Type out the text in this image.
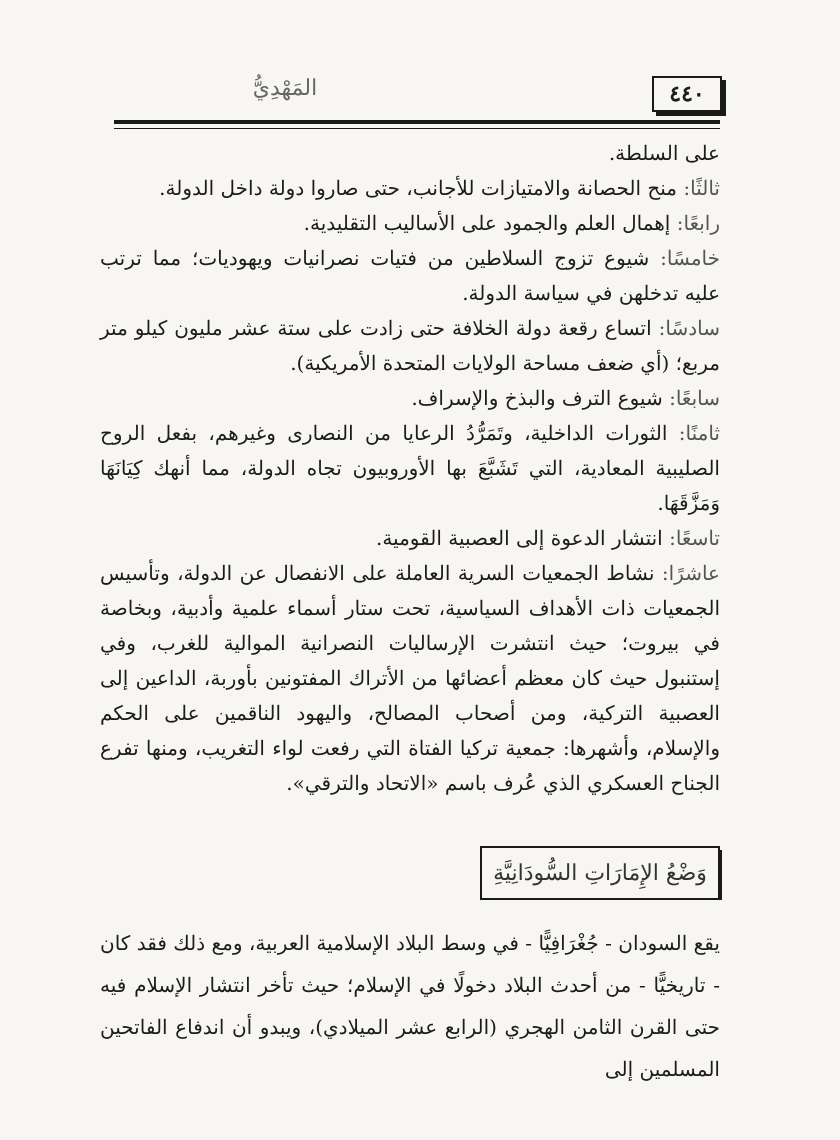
٤٤٠
المَهْدِيُّ

على السلطة.

ثالثًا: منح الحصانة والامتيازات للأجانب، حتى صاروا دولة داخل الدولة.

رابعًا: إهمال العلم والجمود على الأساليب التقليدية.

خامسًا: شيوع تزوج السلاطين من فتيات نصرانيات ويهوديات؛ مما ترتب عليه تدخلهن في سياسة الدولة.

سادسًا: اتساع رقعة دولة الخلافة حتى زادت على ستة عشر مليون كيلو متر مربع؛ (أي ضعف مساحة الولايات المتحدة الأمريكية).

سابعًا: شيوع الترف والبذخ والإسراف.

ثامنًا: الثورات الداخلية، وتَمَرُّدُ الرعايا من النصارى وغيرهم، بفعل الروح الصليبية المعادية، التي تَشَبَّعَ بها الأوروبيون تجاه الدولة، مما أنهك كِيَانَهَا وَمَزَّقَهَا.

تاسعًا: انتشار الدعوة إلى العصبية القومية.

عاشرًا: نشاط الجمعيات السرية العاملة على الانفصال عن الدولة، وتأسيس الجمعيات ذات الأهداف السياسية، تحت ستار أسماء علمية وأدبية، وبخاصة في بيروت؛ حيث انتشرت الإرساليات النصرانية الموالية للغرب، وفي إستنبول حيث كان معظم أعضائها من الأتراك المفتونين بأوربة، الداعين إلى العصبية التركية، ومن أصحاب المصالح، واليهود الناقمين على الحكم والإسلام، وأشهرها: جمعية تركيا الفتاة التي رفعت لواء التغريب، ومنها تفرع الجناح العسكري الذي عُرف باسم «الاتحاد والترقي».

وَضْعُ الإِمَارَاتِ السُّودَانِيَّةِ

يقع السودان - جُغْرَافِيًّا - في وسط البلاد الإسلامية العربية، ومع ذلك فقد كان - تاريخيًّا - من أحدث البلاد دخولًا في الإسلام؛ حيث تأخر انتشار الإسلام فيه حتى القرن الثامن الهجري (الرابع عشر الميلادي)، ويبدو أن اندفاع الفاتحين المسلمين إلى
